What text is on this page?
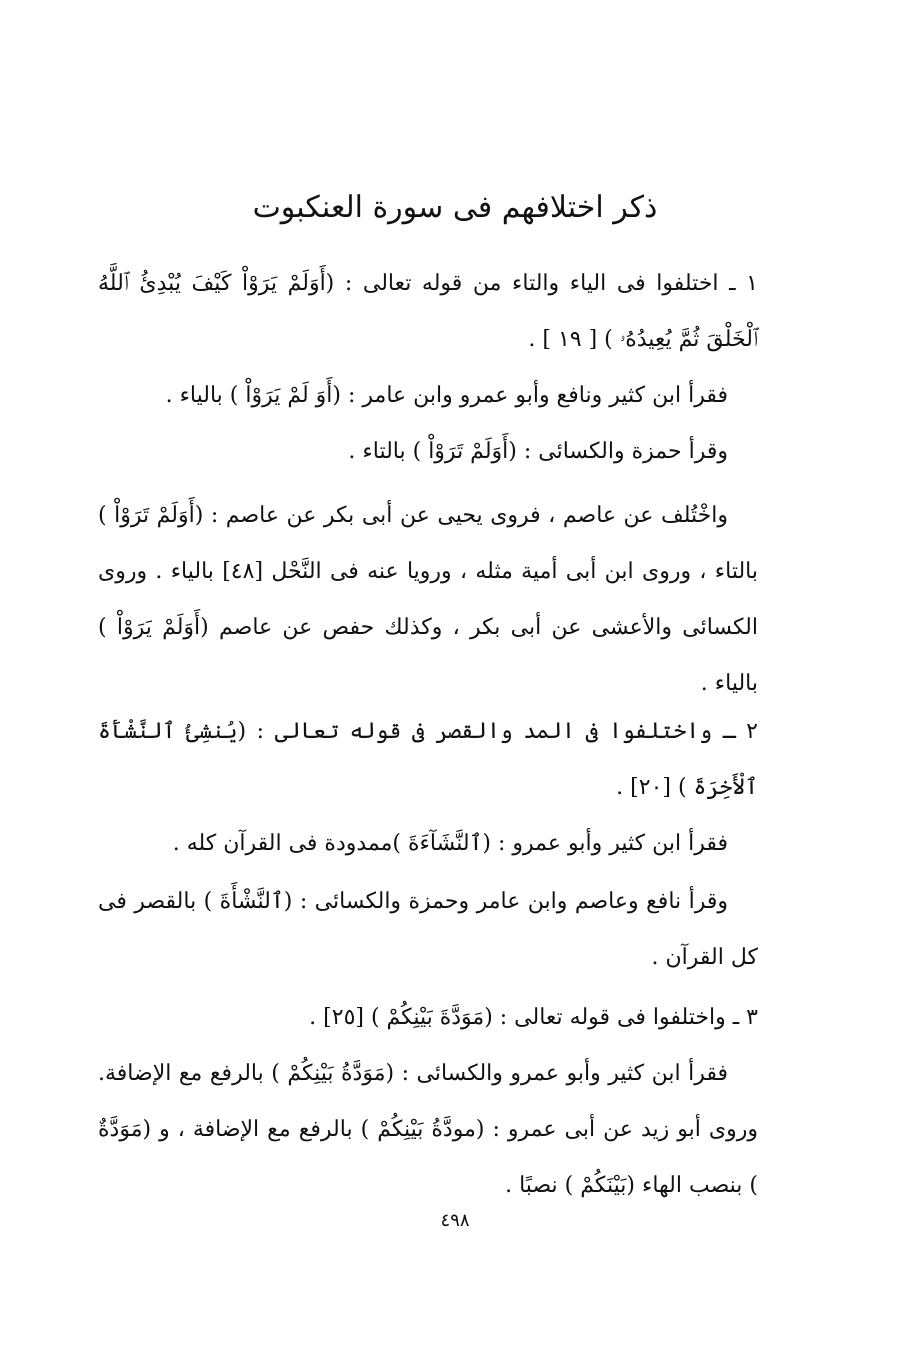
ذكر اختلافهم فى سورة العنكبوت

١ ـ اختلفوا فى الياء والتاء من قوله تعالى : (أَوَلَمْ يَرَوْاْ كَيْفَ يُبْدِئُ ٱللَّهُ ٱلْخَلْقَ ثُمَّ يُعِيدُهُۥ ) [ ١٩ ] .

فقرأ ابن كثير ونافع وأبو عمرو وابن عامر : (أَوَ لَمْ يَرَوْاْ ) بالياء .

وقرأ حمزة والكسائى : (أَوَلَمْ تَرَوْاْ ) بالتاء .

واخْتُلف عن عاصم ، فروى يحيى عن أبى بكر عن عاصم : (أَوَلَمْ تَرَوْاْ ) بالتاء ، وروى ابن أبى أمية مثله ، ورويا عنه فى النَّحْل [٤٨] بالياء . وروى الكسائى والأعشى عن أبى بكر ، وكذلك حفص عن عاصم (أَوَلَمْ يَرَوْاْ ) بالياء .

٢ ـ واختلفوا فى المد والقصر فى قوله تعالى : (يُنشِئُ ٱلنَّشْأَةَ ٱلْأَخِرَةَ ) [٢٠] .

فقرأ ابن كثير وأبو عمرو : (ٱلنَّشَآءَةَ )ممدودة فى القرآن كله .

وقرأ نافع وعاصم وابن عامر وحمزة والكسائى : (ٱلنَّشْأَةَ ) بالقصر فى كل القرآن .

٣ ـ واختلفوا فى قوله تعالى : (مَوَدَّةَ بَيْنِكُمْ ) [٢٥] .

فقرأ ابن كثير وأبو عمرو والكسائى : (مَوَدَّةُ بَيْنِكُمْ ) بالرفع مع الإضافة. وروى أبو زيد عن أبى عمرو : (مودَّةُ بَيْنِكُمْ ) بالرفع مع الإضافة ، و (مَوَدَّةٌ ) بنصب الهاء (بَيْنَكُمْ ) نصبًا .

٤٩٨
